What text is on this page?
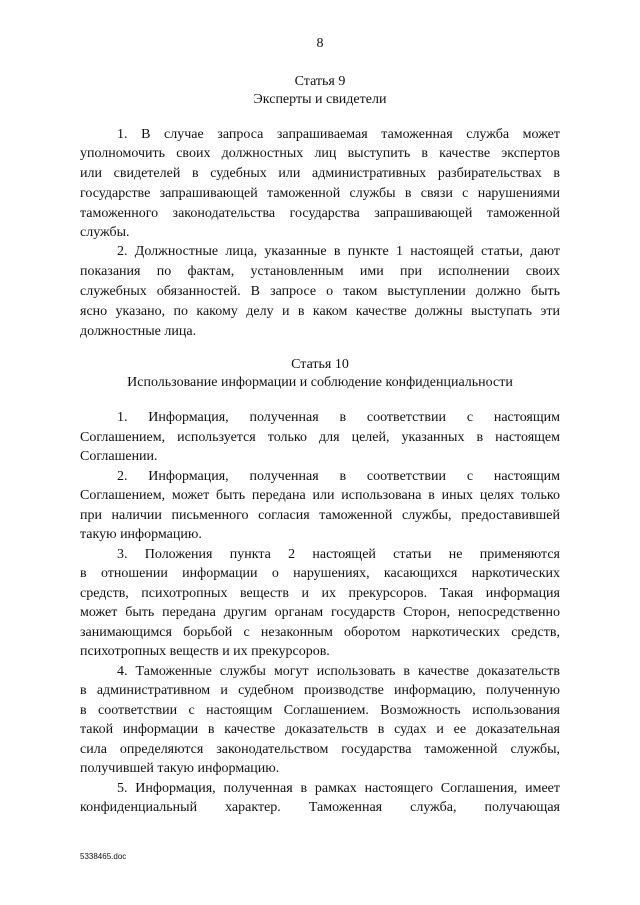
8
Статья 9
Эксперты и свидетели
1. В случае запроса запрашиваемая таможенная служба может
уполномочить своих должностных лиц выступить в качестве экспертов
или свидетелей в судебных или административных разбирательствах в
государстве запрашивающей таможенной службы в связи с нарушениями
таможенного законодательства государства запрашивающей таможенной
службы.
2. Должностные лица, указанные в пункте 1 настоящей статьи, дают
показания по фактам, установленным ими при исполнении своих
служебных обязанностей. В запросе о таком выступлении должно быть
ясно указано, по какому делу и в каком качестве должны выступать эти
должностные лица.
Статья 10
Использование информации и соблюдение конфиденциальности
1. Информация, полученная в соответствии с настоящим
Соглашением, используется только для целей, указанных в настоящем
Соглашении.
2. Информация, полученная в соответствии с настоящим
Соглашением, может быть передана или использована в иных целях только
при наличии письменного согласия таможенной службы, предоставившей
такую информацию.
3. Положения пункта 2 настоящей статьи не применяются
в отношении информации о нарушениях, касающихся наркотических
средств, психотропных веществ и их прекурсоров. Такая информация
может быть передана другим органам государств Сторон, непосредственно
занимающимся борьбой с незаконным оборотом наркотических средств,
психотропных веществ и их прекурсоров.
4. Таможенные службы могут использовать в качестве доказательств
в административном и судебном производстве информацию, полученную
в соответствии с настоящим Соглашением. Возможность использования
такой информации в качестве доказательств в судах и ее доказательная
сила определяются законодательством государства таможенной службы,
получившей такую информацию.
5. Информация, полученная в рамках настоящего Соглашения, имеет
конфиденциальный характер. Таможенная служба, получающая
5338465.doc
